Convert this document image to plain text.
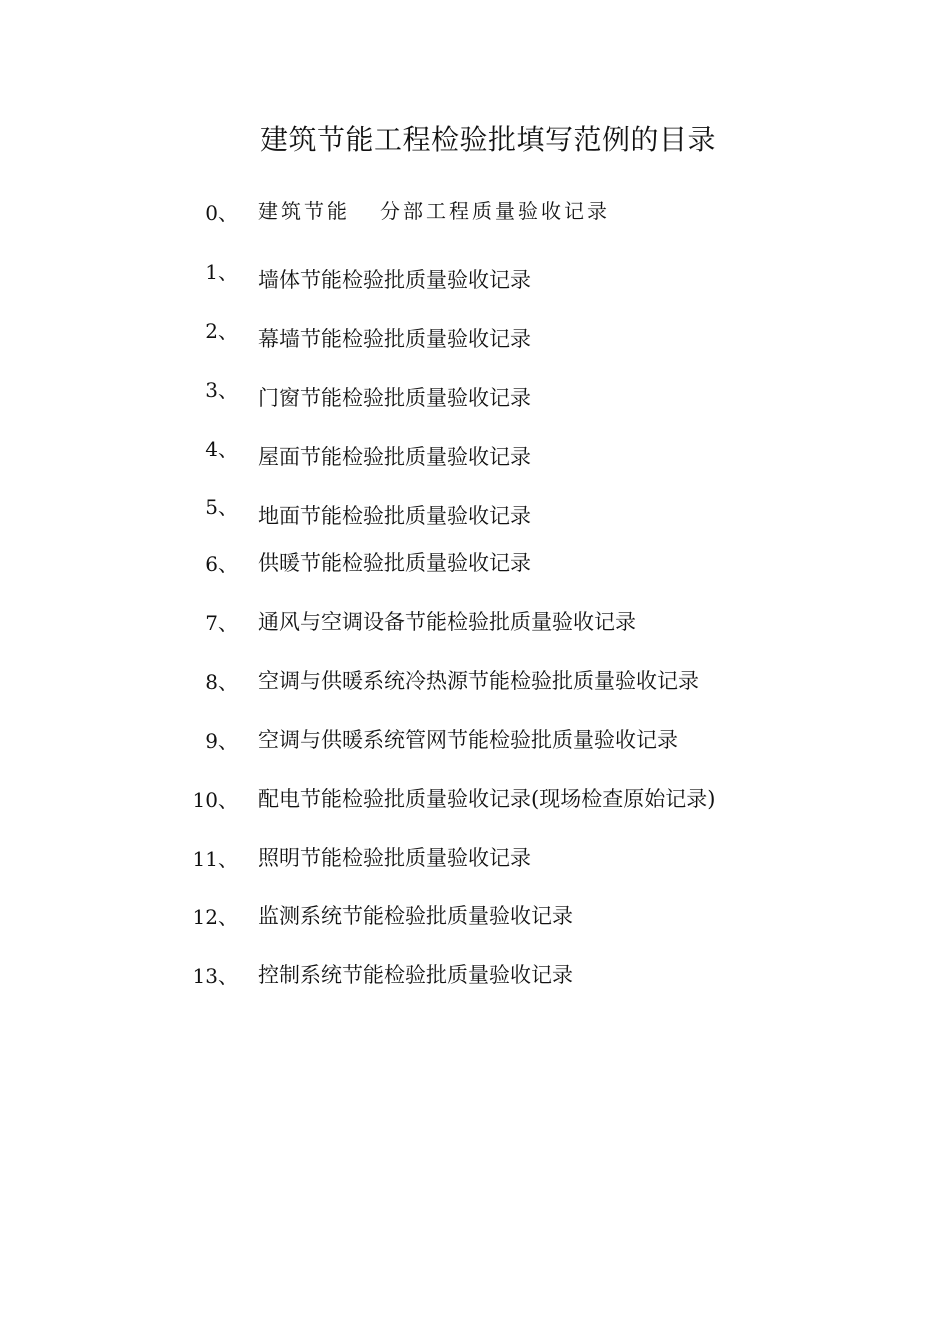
建筑节能工程检验批填写范例的目录
0、 建筑节能 分部工程质量验收记录
1、 墙体节能检验批质量验收记录
2、 幕墙节能检验批质量验收记录
3、 门窗节能检验批质量验收记录
4、 屋面节能检验批质量验收记录
5、 地面节能检验批质量验收记录
6、 供暖节能检验批质量验收记录
7、 通风与空调设备节能检验批质量验收记录
8、 空调与供暖系统冷热源节能检验批质量验收记录
9、 空调与供暖系统管网节能检验批质量验收记录
10、 配电节能检验批质量验收记录(现场检查原始记录)
11、 照明节能检验批质量验收记录
12、 监测系统节能检验批质量验收记录
13、 控制系统节能检验批质量验收记录
